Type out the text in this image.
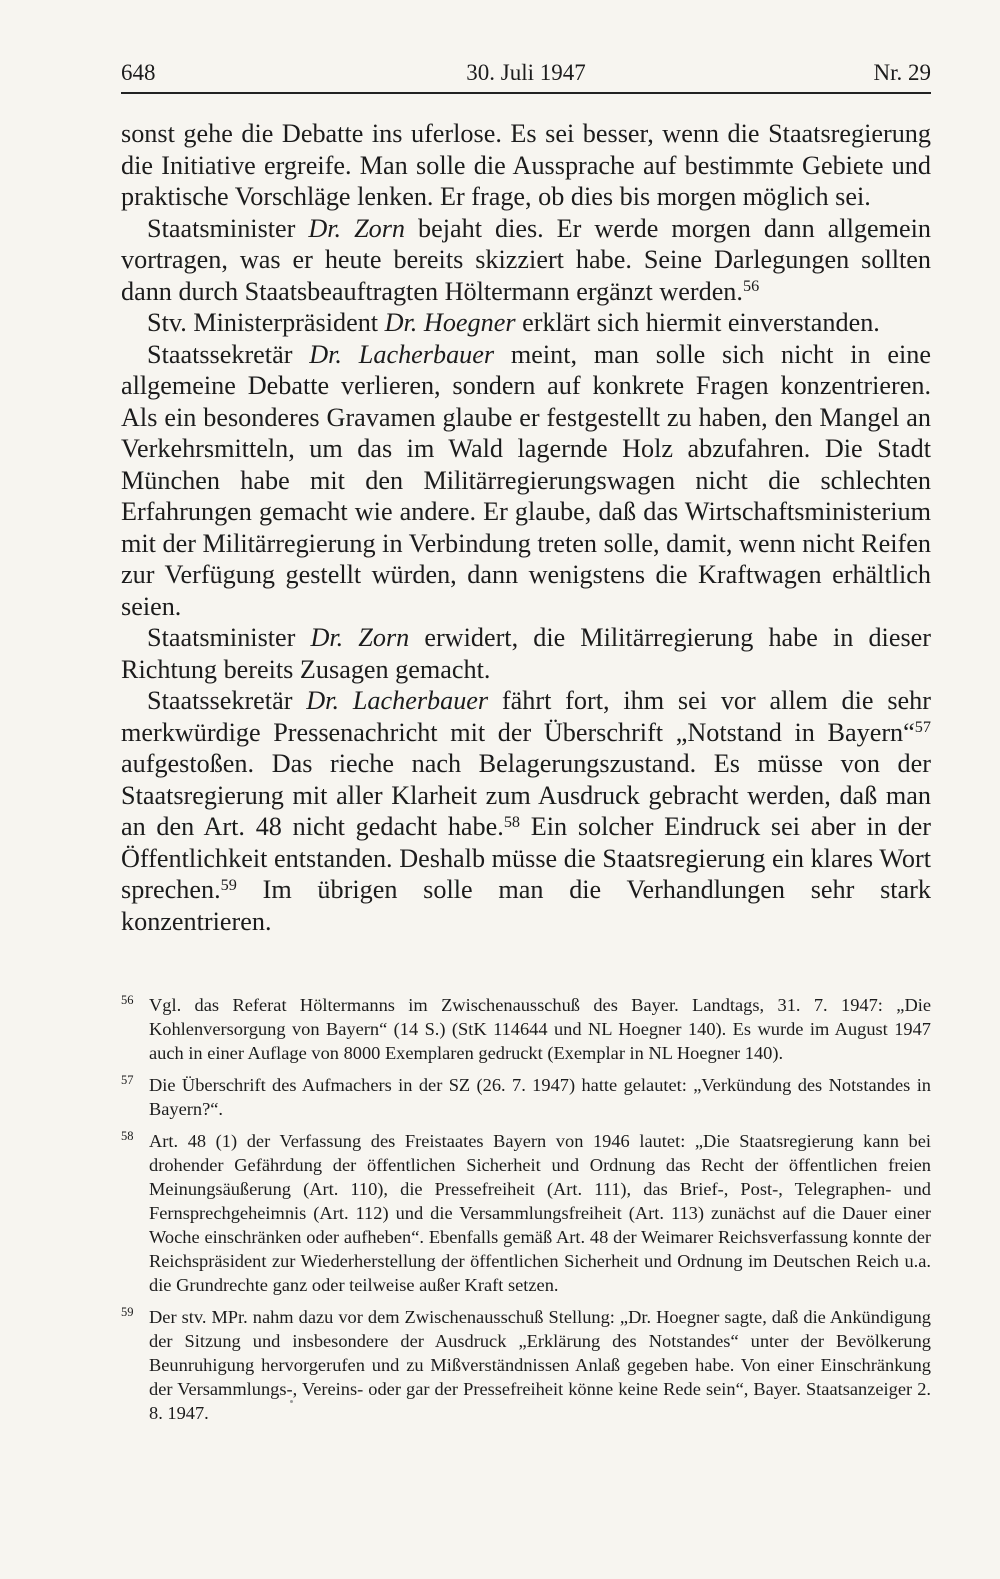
648	30. Juli 1947	Nr. 29

sonst gehe die Debatte ins uferlose. Es sei besser, wenn die Staatsregierung die Initiative ergreife. Man solle die Aussprache auf bestimmte Gebiete und praktische Vorschläge lenken. Er frage, ob dies bis morgen möglich sei.

Staatsminister Dr. Zorn bejaht dies. Er werde morgen dann allgemein vortragen, was er heute bereits skizziert habe. Seine Darlegungen sollten dann durch Staatsbeauftragten Höltermann ergänzt werden.$^{56}$

Stv. Ministerpräsident Dr. Hoegner erklärt sich hiermit einverstanden.

Staatssekretär Dr. Lacherbauer meint, man solle sich nicht in eine allgemeine Debatte verlieren, sondern auf konkrete Fragen konzentrieren. Als ein besonderes Gravamen glaube er festgestellt zu haben, den Mangel an Verkehrsmitteln, um das im Wald lagernde Holz abzufahren. Die Stadt München habe mit den Militärregierungswagen nicht die schlechten Erfahrungen gemacht wie andere. Er glaube, daß das Wirtschaftsministerium mit der Militärregierung in Verbindung treten solle, damit, wenn nicht Reifen zur Verfügung gestellt würden, dann wenigstens die Kraftwagen erhältlich seien.

Staatsminister Dr. Zorn erwidert, die Militärregierung habe in dieser Richtung bereits Zusagen gemacht.

Staatssekretär Dr. Lacherbauer fährt fort, ihm sei vor allem die sehr merkwürdige Pressenachricht mit der Überschrift „Notstand in Bayern“$^{57}$ aufgestoßen. Das rieche nach Belagerungszustand. Es müsse von der Staatsregierung mit aller Klarheit zum Ausdruck gebracht werden, daß man an den Art. 48 nicht gedacht habe.$^{58}$ Ein solcher Eindruck sei aber in der Öffentlichkeit entstanden. Deshalb müsse die Staatsregierung ein klares Wort sprechen.$^{59}$ Im übrigen solle man die Verhandlungen sehr stark konzentrieren.

56 Vgl. das Referat Höltermanns im Zwischenausschuß des Bayer. Landtags, 31. 7. 1947: „Die Kohlenversorgung von Bayern“ (14 S.) (StK 114644 und NL Hoegner 140). Es wurde im August 1947 auch in einer Auflage von 8000 Exemplaren gedruckt (Exemplar in NL Hoegner 140).
57 Die Überschrift des Aufmachers in der SZ (26. 7. 1947) hatte gelautet: „Verkündung des Notstandes in Bayern?“.
58 Art. 48 (1) der Verfassung des Freistaates Bayern von 1946 lautet: „Die Staatsregierung kann bei drohender Gefährdung der öffentlichen Sicherheit und Ordnung das Recht der öffentlichen freien Meinungsäußerung (Art. 110), die Pressefreiheit (Art. 111), das Brief-, Post-, Telegraphen- und Fernsprechgeheimnis (Art. 112) und die Versammlungsfreiheit (Art. 113) zunächst auf die Dauer einer Woche einschränken oder aufheben“. Ebenfalls gemäß Art. 48 der Weimarer Reichsverfassung konnte der Reichspräsident zur Wiederherstellung der öffentlichen Sicherheit und Ordnung im Deutschen Reich u.a. die Grundrechte ganz oder teilweise außer Kraft setzen.
59 Der stv. MPr. nahm dazu vor dem Zwischenausschuß Stellung: „Dr. Hoegner sagte, daß die Ankündigung der Sitzung und insbesondere der Ausdruck „Erklärung des Notstandes“ unter der Bevölkerung Beunruhigung hervorgerufen und zu Mißverständnissen Anlaß gegeben habe. Von einer Einschränkung der Versammlungs-, Vereins- oder gar der Pressefreiheit könne keine Rede sein“, Bayer. Staatsanzeiger 2. 8. 1947.
